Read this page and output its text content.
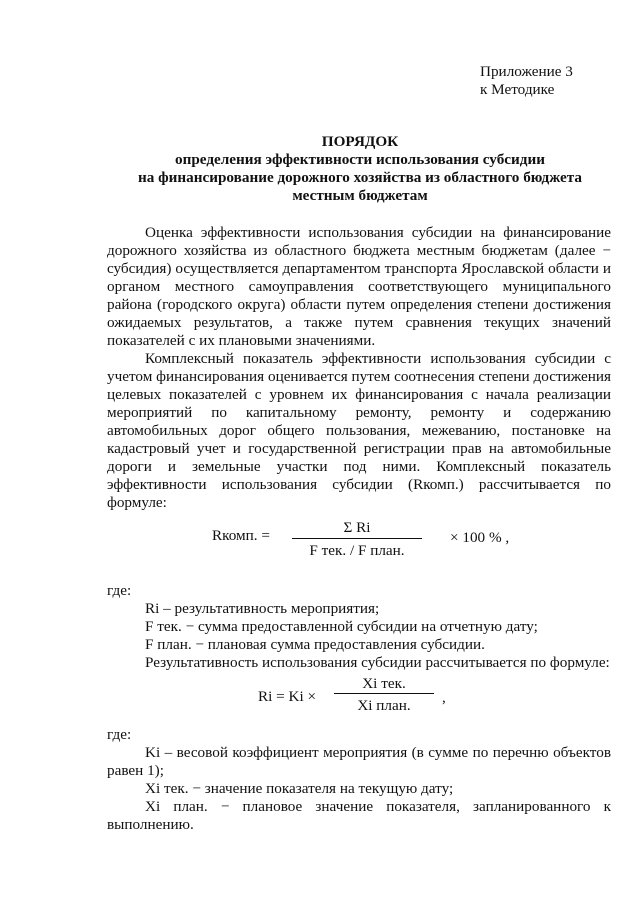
Приложение 3
к Методике
ПОРЯДОК
определения эффективности использования субсидии
на финансирование дорожного хозяйства из областного бюджета
местным бюджетам

Оценка эффективности использования субсидии на финансирование дорожного хозяйства из областного бюджета местным бюджетам (далее − субсидия) осуществляется департаментом транспорта Ярославской области и органом местного самоуправления соответствующего муниципального района (городского округа) области путем определения степени достижения ожидаемых результатов, а также путем сравнения текущих значений показателей с их плановыми значениями.

Комплексный показатель эффективности использования субсидии с учетом финансирования оценивается путем соотнесения степени достижения целевых показателей с уровнем их финансирования с начала реализации мероприятий по капитальному ремонту, ремонту и содержанию автомобильных дорог общего пользования, межеванию, постановке на кадастровый учет и государственной регистрации прав на автомобильные дороги и земельные участки под ними. Комплексный показатель эффективности использования субсидии (Rкомп.) рассчитывается по формуле:

Rкомп. =	Σ Ri
F тек. / F план.
× 100 % ,
где:
Ri – результативность мероприятия;
F тек. − сумма предоставленной субсидии на отчетную дату;
F план. − плановая сумма предоставления субсидии.
Результативность использования субсидии рассчитывается по формуле:
Ri = Ki ×
Xi тек.
Xi план.	,
где:
Ki – весовой коэффициент мероприятия (в сумме по перечню объектов равен 1);
Xi тек. − значение показателя на текущую дату;
Xi план. − плановое значение показателя, запланированного к выполнению.
